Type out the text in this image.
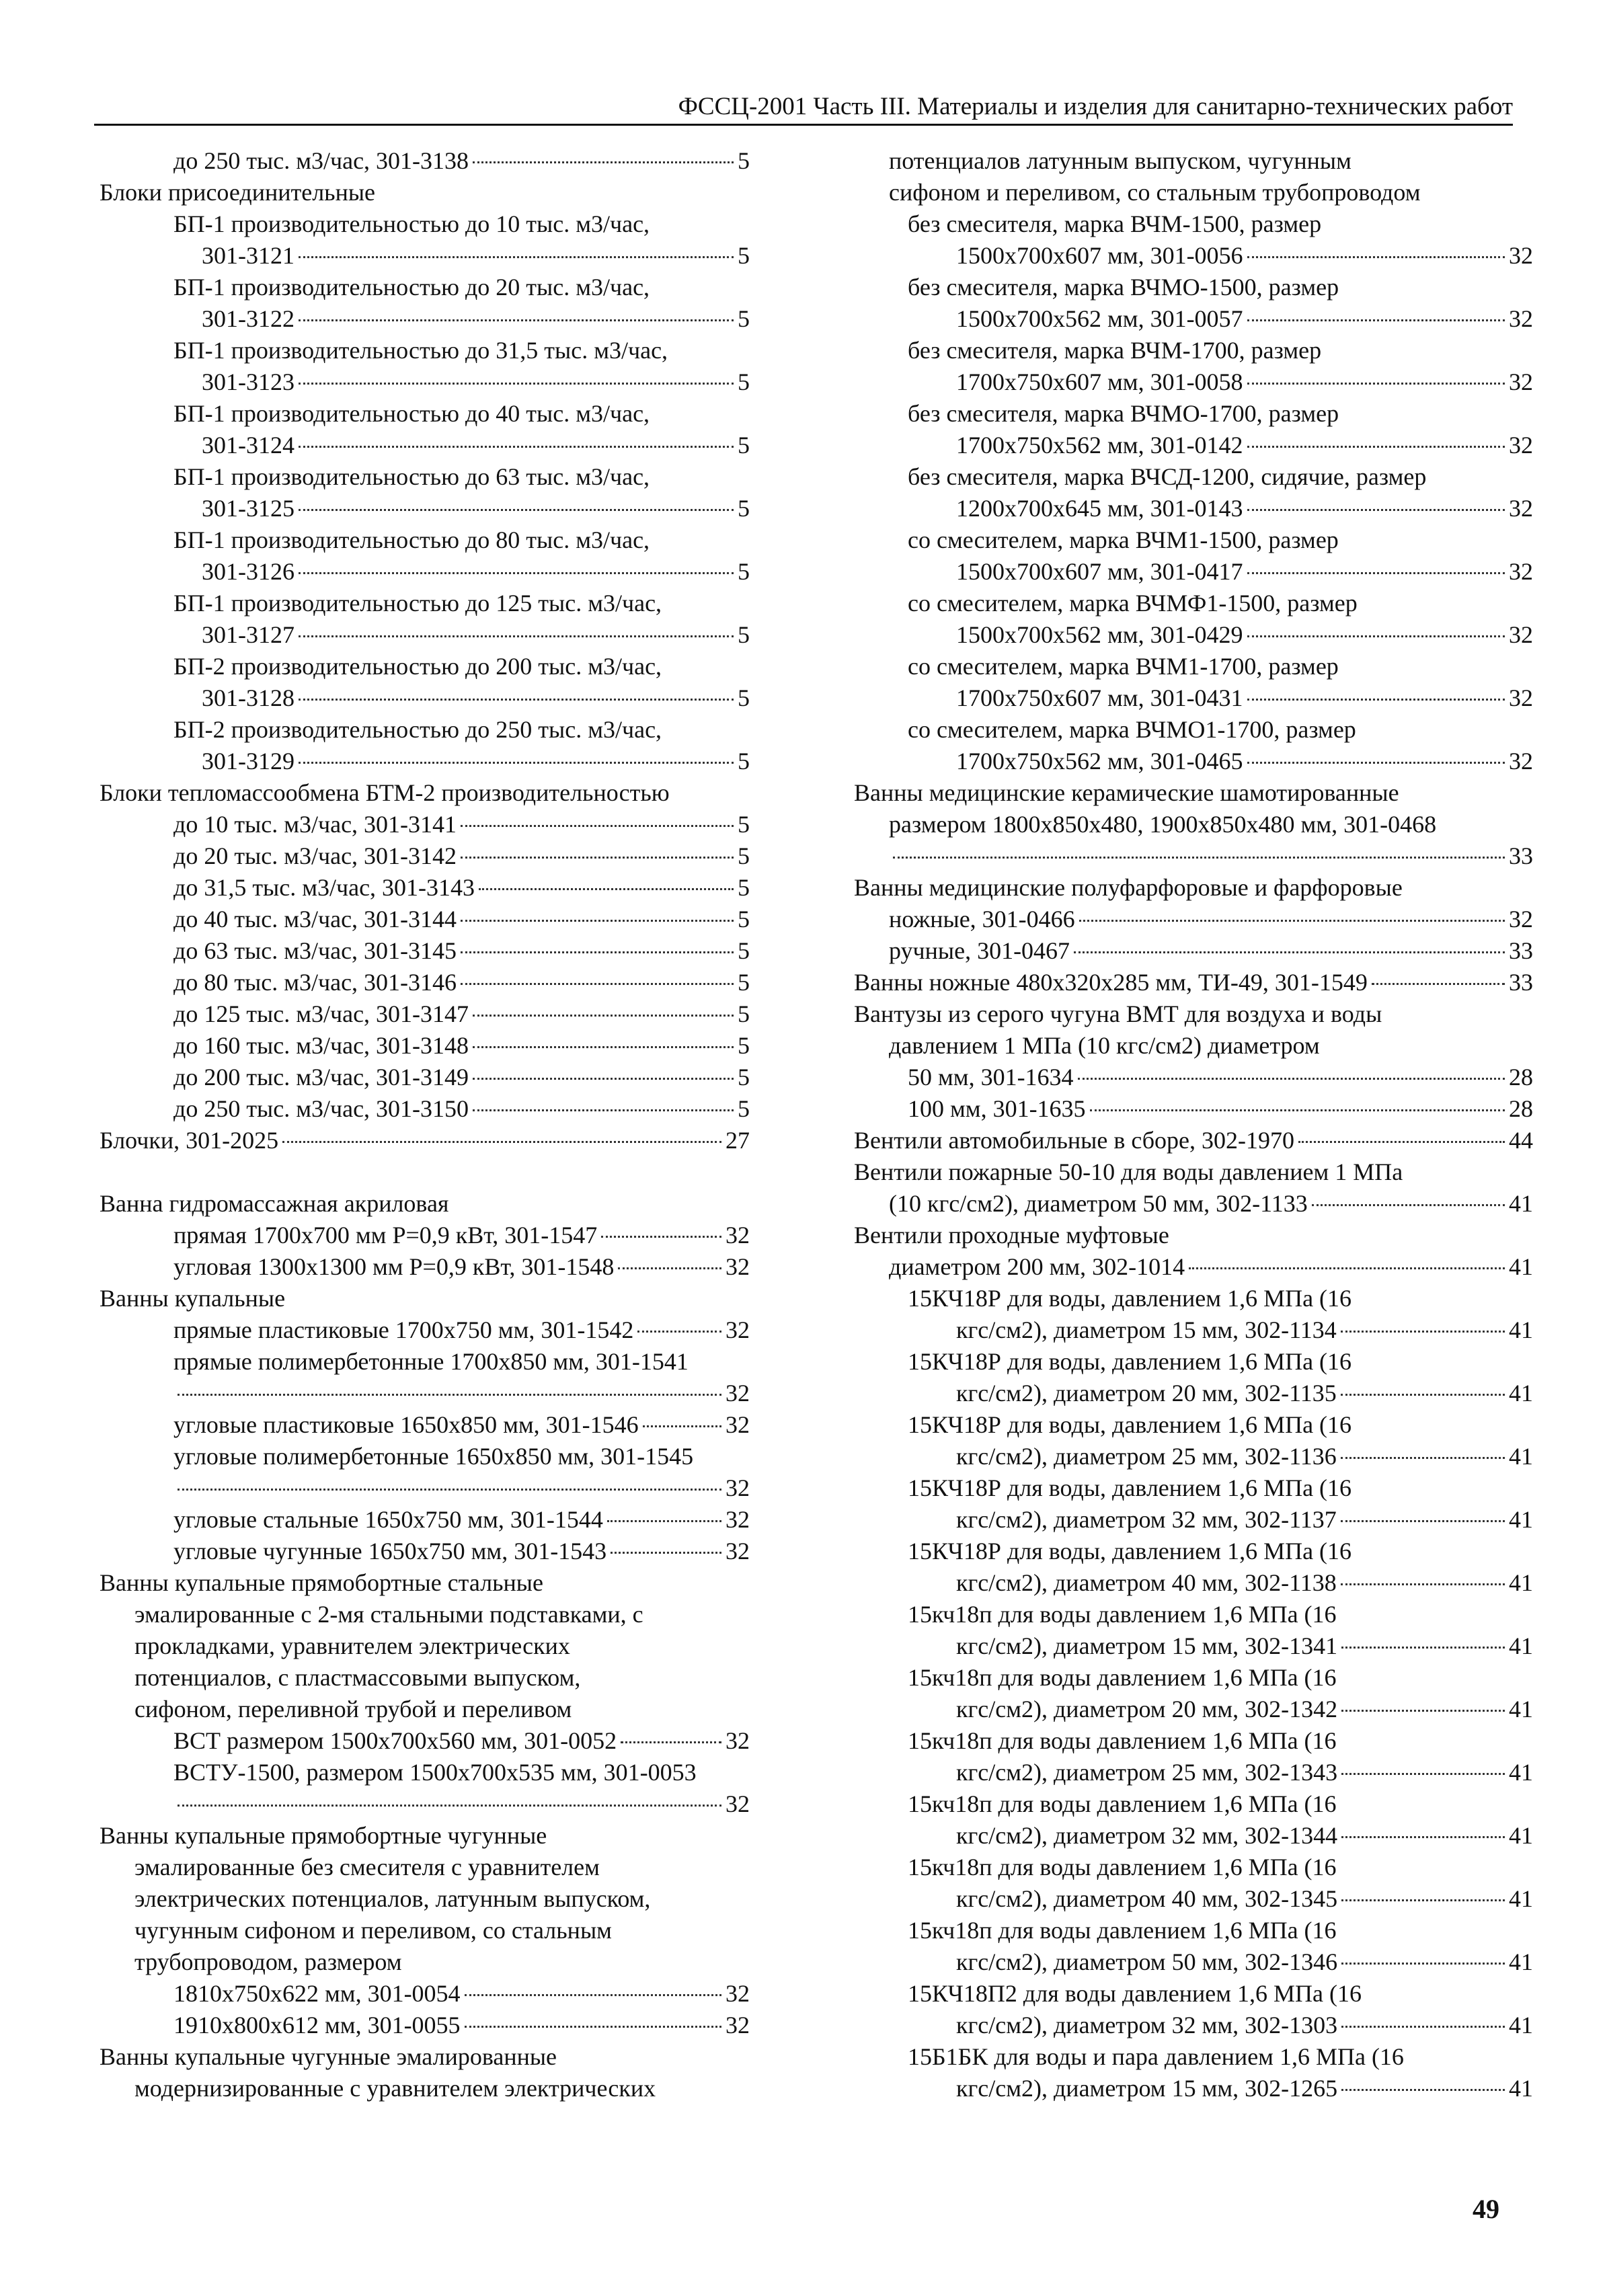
ФССЦ-2001 Часть III. Материалы и изделия для санитарно-технических работ
до 250 тыс. м3/час, 301-3138	5
Блоки присоединительные
БП-1 производительностью до 10 тыс. м3/час,
301-3121	5
БП-1 производительностью до 20 тыс. м3/час,
301-3122	5
БП-1 производительностью до 31,5 тыс. м3/час,
301-3123	5
БП-1 производительностью до 40 тыс. м3/час,
301-3124	5
БП-1 производительностью до 63 тыс. м3/час,
301-3125	5
БП-1 производительностью до 80 тыс. м3/час,
301-3126	5
БП-1 производительностью до 125 тыс. м3/час,
301-3127	5
БП-2 производительностью до 200 тыс. м3/час,
301-3128	5
БП-2 производительностью до 250 тыс. м3/час,
301-3129	5
Блоки тепломассообмена БТМ-2 производительностью
до 10 тыс. м3/час, 301-3141	5
до 20 тыс. м3/час, 301-3142	5
до 31,5 тыс. м3/час, 301-3143	5
до 40 тыс. м3/час, 301-3144	5
до 63 тыс. м3/час, 301-3145	5
до 80 тыс. м3/час, 301-3146	5
до 125 тыс. м3/час, 301-3147	5
до 160 тыс. м3/час, 301-3148	5
до 200 тыс. м3/час, 301-3149	5
до 250 тыс. м3/час, 301-3150	5
Блочки, 301-2025	27
Ванна гидромассажная акриловая
прямая 1700х700 мм Р=0,9 кВт, 301-1547	32
угловая 1300х1300 мм Р=0,9 кВт, 301-1548	32
Ванны купальные
прямые пластиковые 1700х750 мм, 301-1542	32
прямые полимербетонные 1700х850 мм, 301-1541
32
угловые пластиковые 1650х850 мм, 301-1546	32
угловые полимербетонные 1650х850 мм, 301-1545
32
угловые стальные 1650х750 мм, 301-1544	32
угловые чугунные 1650х750 мм, 301-1543	32
Ванны купальные прямобортные стальные
эмалированные с 2-мя стальными подставками, с
прокладками, уравнителем электрических
потенциалов, с пластмассовыми выпуском,
сифоном, переливной трубой и переливом
ВСТ размером 1500х700х560 мм, 301-0052	32
ВСТУ-1500, размером 1500х700х535 мм, 301-0053
32
Ванны купальные прямобортные чугунные
эмалированные без смесителя с уравнителем
электрических потенциалов, латунным выпуском,
чугунным сифоном и переливом, со стальным
трубопроводом, размером
1810х750х622 мм, 301-0054	32
1910х800х612 мм, 301-0055	32
Ванны купальные чугунные эмалированные
модернизированные с уравнителем электрических
потенциалов латунным выпуском, чугунным
сифоном и переливом, со стальным трубопроводом
без смесителя, марка ВЧМ-1500, размер
1500х700х607 мм, 301-0056	32
без смесителя, марка ВЧМО-1500, размер
1500х700х562 мм, 301-0057	32
без смесителя, марка ВЧМ-1700, размер
1700х750х607 мм, 301-0058	32
без смесителя, марка ВЧМО-1700, размер
1700х750х562 мм, 301-0142	32
без смесителя, марка ВЧСД-1200, сидячие, размер
1200х700х645 мм, 301-0143	32
со смесителем, марка ВЧМ1-1500, размер
1500х700х607 мм, 301-0417	32
со смесителем, марка ВЧМФ1-1500, размер
1500х700х562 мм, 301-0429	32
со смесителем, марка ВЧМ1-1700, размер
1700х750х607 мм, 301-0431	32
со смесителем, марка ВЧМО1-1700, размер
1700х750х562 мм, 301-0465	32
Ванны медицинские керамические шамотированные
размером 1800х850х480, 1900х850х480 мм, 301-0468
33
Ванны медицинские полуфарфоровые и фарфоровые
ножные, 301-0466	32
ручные, 301-0467	33
Ванны ножные 480х320х285 мм, ТИ-49, 301-1549	33
Вантузы из серого чугуна ВМТ для воздуха и воды
давлением 1 МПа (10 кгс/см2) диаметром
50 мм, 301-1634	28
100 мм, 301-1635	28
Вентили автомобильные в сборе, 302-1970	44
Вентили пожарные 50-10 для воды давлением 1 МПа
(10 кгс/см2), диаметром 50 мм, 302-1133	41
Вентили проходные муфтовые
диаметром 200 мм, 302-1014	41
15КЧ18Р для воды, давлением 1,6 МПа (16
кгс/см2), диаметром 15 мм, 302-1134	41
15КЧ18Р для воды, давлением 1,6 МПа (16
кгс/см2), диаметром 20 мм, 302-1135	41
15КЧ18Р для воды, давлением 1,6 МПа (16
кгс/см2), диаметром 25 мм, 302-1136	41
15КЧ18Р для воды, давлением 1,6 МПа (16
кгс/см2), диаметром 32 мм, 302-1137	41
15КЧ18Р для воды, давлением 1,6 МПа (16
кгс/см2), диаметром 40 мм, 302-1138	41
15кч18п для воды давлением 1,6 МПа (16
кгс/см2), диаметром 15 мм, 302-1341	41
15кч18п для воды давлением 1,6 МПа (16
кгс/см2), диаметром 20 мм, 302-1342	41
15кч18п для воды давлением 1,6 МПа (16
кгс/см2), диаметром 25 мм, 302-1343	41
15кч18п для воды давлением 1,6 МПа (16
кгс/см2), диаметром 32 мм, 302-1344	41
15кч18п для воды давлением 1,6 МПа (16
кгс/см2), диаметром 40 мм, 302-1345	41
15кч18п для воды давлением 1,6 МПа (16
кгс/см2), диаметром 50 мм, 302-1346	41
15КЧ18П2 для воды давлением 1,6 МПа (16
кгс/см2), диаметром 32 мм, 302-1303	41
15Б1БК для воды и пара давлением 1,6 МПа (16
кгс/см2), диаметром 15 мм, 302-1265	41
49
